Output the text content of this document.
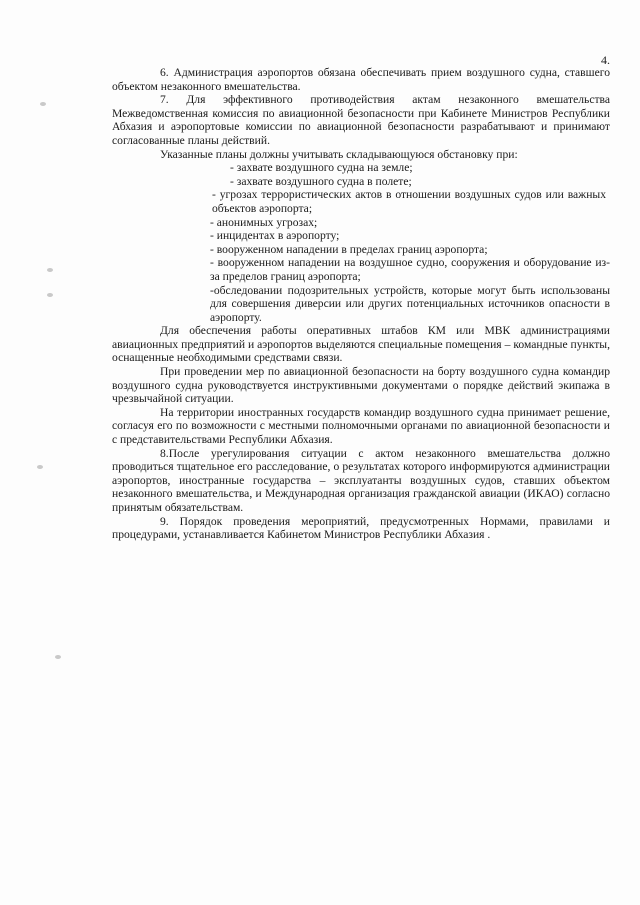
4.

6. Администрация аэропортов обязана обеспечивать прием воздушного судна, ставшего объектом незаконного вмешательства.

7. Для эффективного противодействия актам незаконного вмешательства Межведомственная комиссия по авиационной безопасности при Кабинете Министров Республики Абхазия и аэропортовые комиссии по авиационной безопасности разрабатывают и принимают согласованные планы действий.

Указанные планы должны учитывать складывающуюся обстановку при:

- захвате воздушного судна на земле;
- захвате воздушного судна в полете;
- угрозах террористических актов в отношении воздушных судов или важных объектов аэропорта;
- анонимных угрозах;
- инцидентах в аэропорту;
- вооруженном нападении в пределах границ аэропорта;
- вооруженном нападении на воздушное судно, сооружения и оборудование из-за пределов границ аэропорта;
-обследовании подозрительных устройств, которые могут быть использованы для совершения диверсии или других потенциальных источников опасности в аэропорту.

Для обеспечения работы оперативных штабов КМ или МВК администрациями авиационных предприятий и аэропортов выделяются специальные помещения – командные пункты, оснащенные необходимыми средствами связи.

При проведении мер по авиационной безопасности на борту воздушного судна командир воздушного судна руководствуется инструктивными документами о порядке действий экипажа в чрезвычайной ситуации.

На территории иностранных государств командир воздушного судна принимает решение, согласуя его по возможности с местными полномочными органами по авиационной безопасности и с представительствами Республики Абхазия.

8.После урегулирования ситуации с актом незаконного вмешательства должно проводиться тщательное его расследование, о результатах которого информируются администрации аэропортов, иностранные государства – эксплуатанты воздушных судов, ставших объектом незаконного вмешательства, и Международная организация гражданской авиации (ИКАО) согласно принятым обязательствам.

9. Порядок проведения мероприятий, предусмотренных Нормами, правилами и процедурами, устанавливается Кабинетом Министров Республики Абхазия .
